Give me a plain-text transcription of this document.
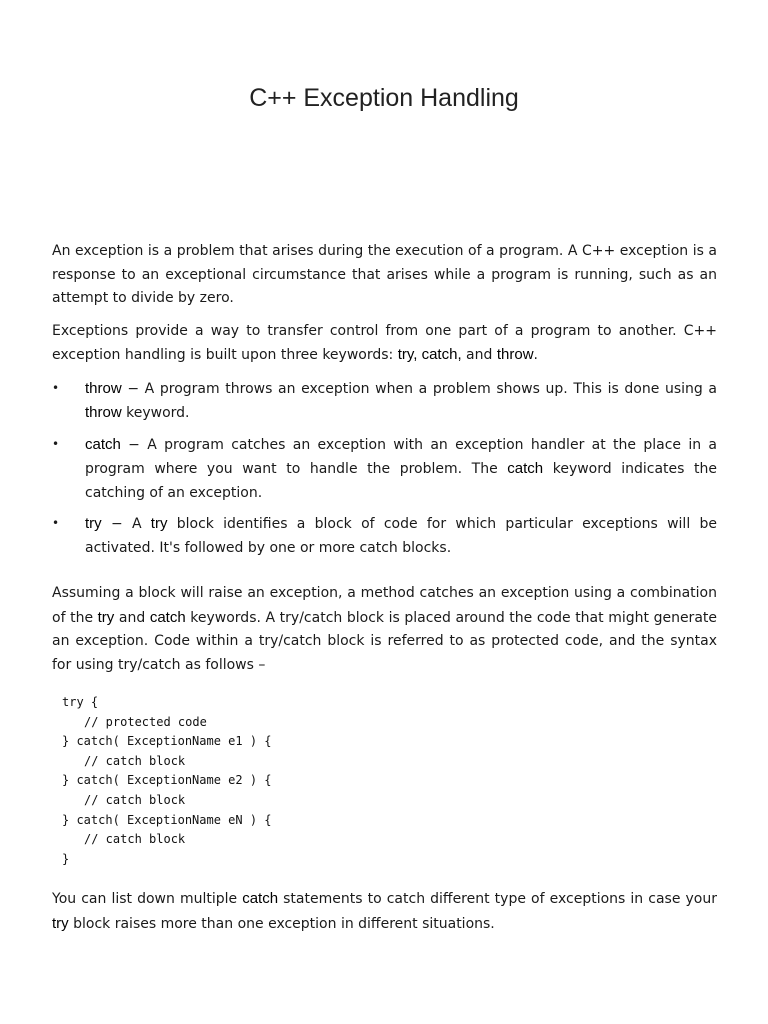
C++ Exception Handling

An exception is a problem that arises during the execution of a program. A C++ exception is a response to an exceptional circumstance that arises while a program is running, such as an attempt to divide by zero.

Exceptions provide a way to transfer control from one part of a program to another. C++ exception handling is built upon three keywords: try, catch, and throw.

• throw − A program throws an exception when a problem shows up. This is done using a throw keyword.
• catch − A program catches an exception with an exception handler at the place in a program where you want to handle the problem. The catch keyword indicates the catching of an exception.
• try − A try block identifies a block of code for which particular exceptions will be activated. It's followed by one or more catch blocks.

Assuming a block will raise an exception, a method catches an exception using a combination of the try and catch keywords. A try/catch block is placed around the code that might generate an exception. Code within a try/catch block is referred to as protected code, and the syntax for using try/catch as follows –

try {
// protected code
} catch( ExceptionName e1 ) {
// catch block
} catch( ExceptionName e2 ) {
// catch block
} catch( ExceptionName eN ) {
// catch block
}

You can list down multiple catch statements to catch different type of exceptions in case your try block raises more than one exception in different situations.
